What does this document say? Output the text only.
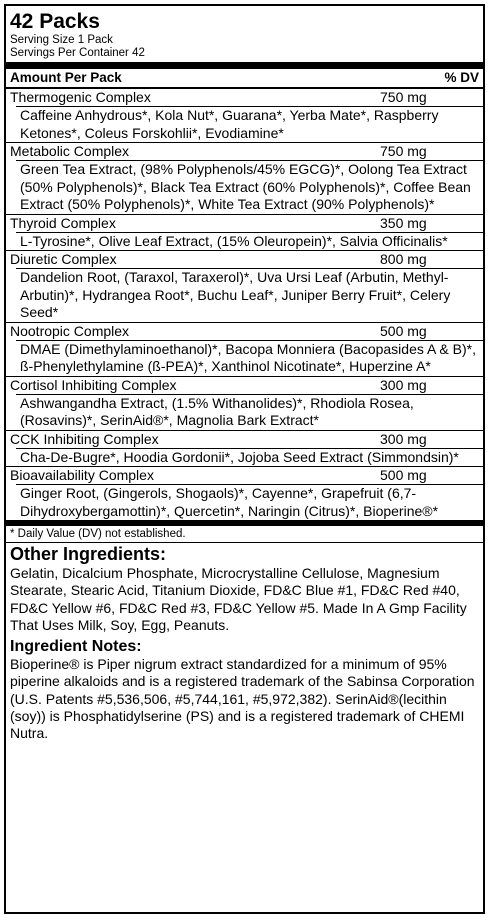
42 Packs
Serving Size 1 Pack
Servings Per Container 42
Amount Per Pack	% DV
Thermogenic Complex	750 mg
Caffeine Anhydrous*, Kola Nut*, Guarana*, Yerba Mate*, Raspberry Ketones*, Coleus Forskohlii*, Evodiamine*
Metabolic Complex	750 mg
Green Tea Extract, (98% Polyphenols/45% EGCG)*, Oolong Tea Extract (50% Polyphenols)*, Black Tea Extract (60% Polyphenols)*, Coffee Bean Extract (50% Polyphenols)*, White Tea Extract (90% Polyphenols)*
Thyroid Complex	350 mg
L-Tyrosine*, Olive Leaf Extract, (15% Oleuropein)*, Salvia Officinalis*
Diuretic Complex	800 mg
Dandelion Root, (Taraxol, Taraxerol)*, Uva Ursi Leaf (Arbutin, Methyl-Arbutin)*, Hydrangea Root*, Buchu Leaf*, Juniper Berry Fruit*, Celery Seed*
Nootropic Complex	500 mg
DMAE (Dimethylaminoethanol)*, Bacopa Monniera (Bacopasides A & B)*, ß-Phenylethylamine (ß-PEA)*, Xanthinol Nicotinate*, Huperzine A*
Cortisol Inhibiting Complex	300 mg
Ashwangandha Extract, (1.5% Withanolides)*, Rhodiola Rosea, (Rosavins)*, SerinAid®*, Magnolia Bark Extract*
CCK Inhibiting Complex	300 mg
Cha-De-Bugre*, Hoodia Gordonii*, Jojoba Seed Extract (Simmondsin)*
Bioavailability Complex	500 mg
Ginger Root, (Gingerols, Shogaols)*, Cayenne*, Grapefruit (6,7-Dihydroxybergamottin)*, Quercetin*, Naringin (Citrus)*, Bioperine®*
* Daily Value (DV) not established.
Other Ingredients:
Gelatin, Dicalcium Phosphate, Microcrystalline Cellulose, Magnesium Stearate, Stearic Acid, Titanium Dioxide, FD&C Blue #1, FD&C Red #40, FD&C Yellow #6, FD&C Red #3, FD&C Yellow #5. Made In A Gmp Facility That Uses Milk, Soy, Egg, Peanuts.
Ingredient Notes:
Bioperine® is Piper nigrum extract standardized for a minimum of 95% piperine alkaloids and is a registered trademark of the Sabinsa Corporation (U.S. Patents #5,536,506, #5,744,161, #5,972,382). SerinAid®(lecithin (soy)) is Phosphatidylserine (PS) and is a registered trademark of CHEMI Nutra.
